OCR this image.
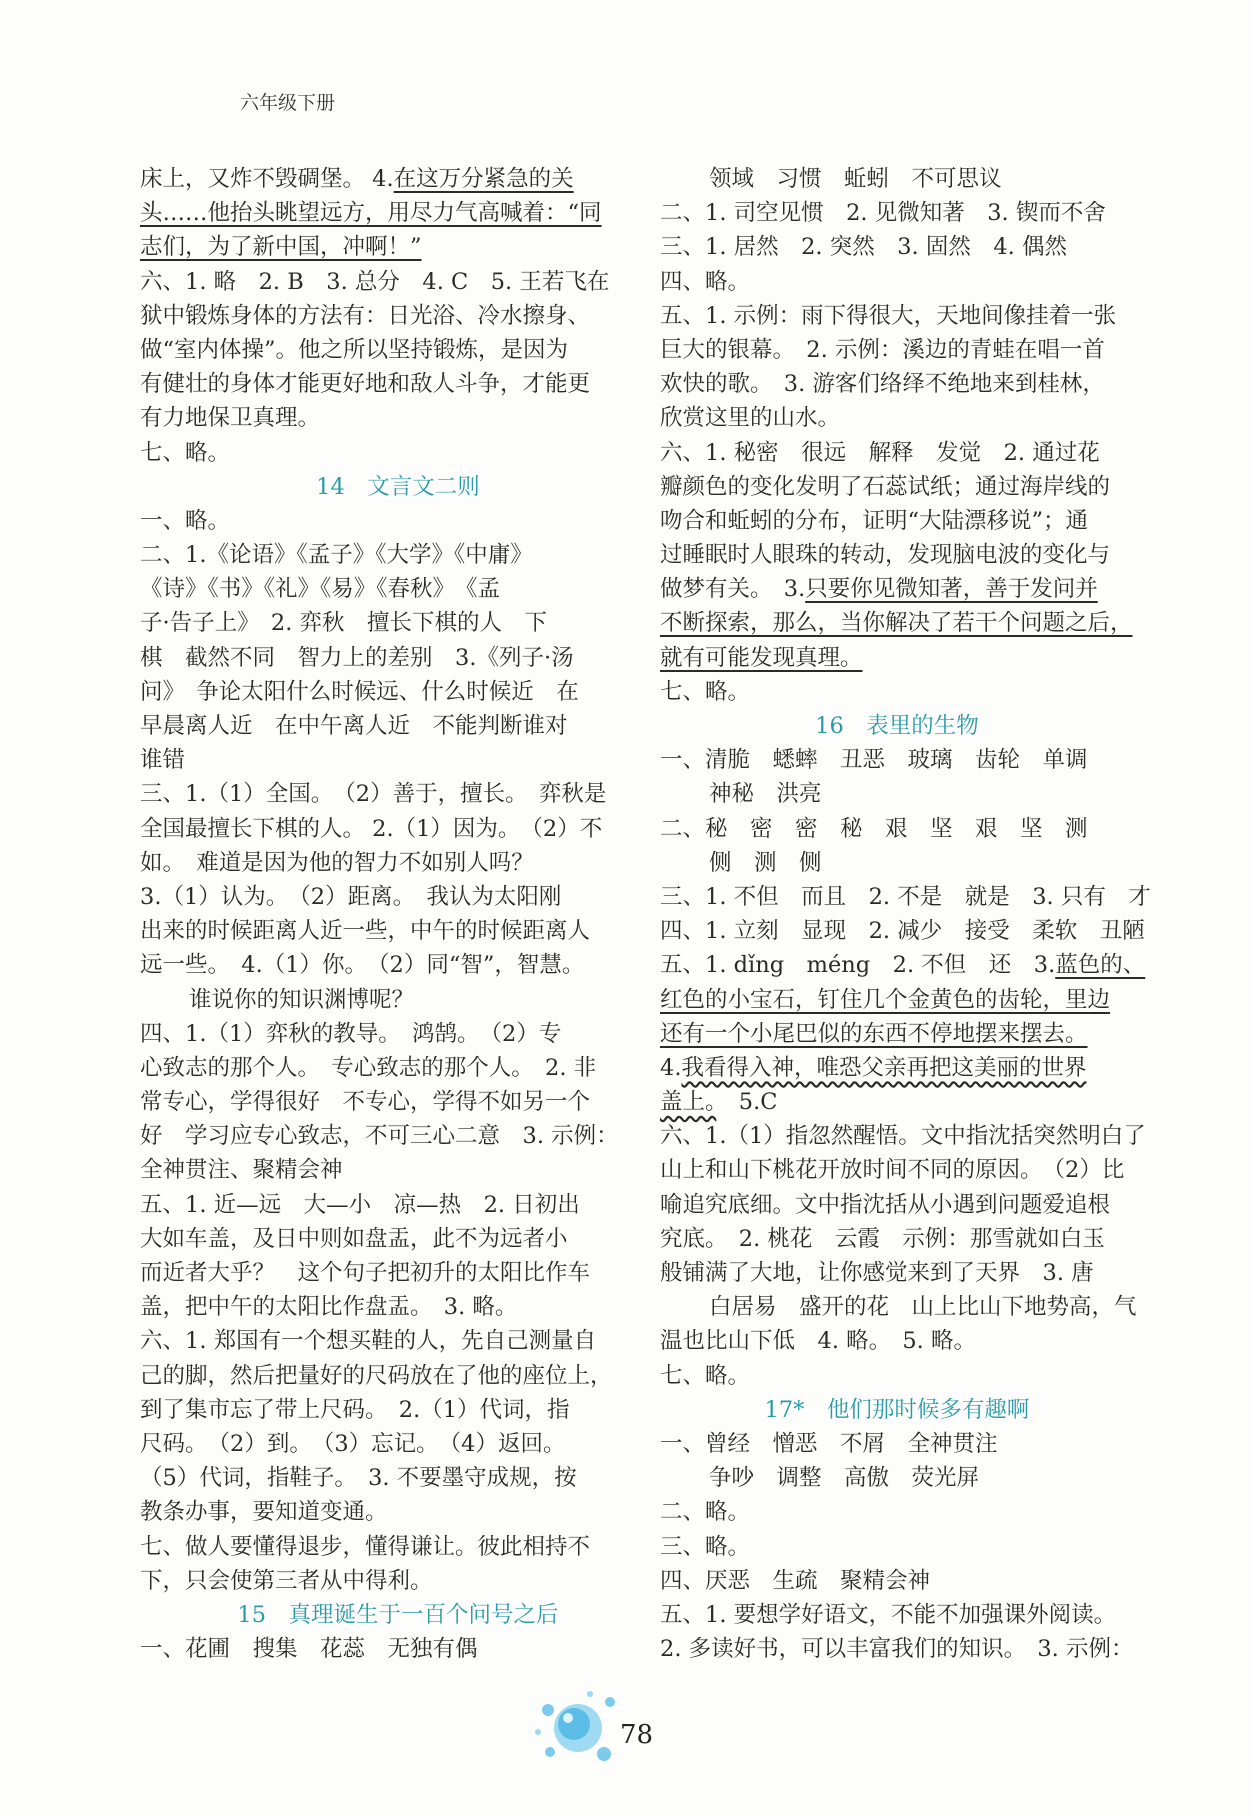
六年级下册
床上，又炸不毁碉堡。 4.在这万分紧急的关
头……他抬头眺望远方，用尽力气高喊着：“同
志们，为了新中国，冲啊！”
六、1. 略　2. B　3. 总分　4. C　5. 王若飞在
狱中锻炼身体的方法有：日光浴、冷水擦身、
做“室内体操”。他之所以坚持锻炼，是因为
有健壮的身体才能更好地和敌人斗争，才能更
有力地保卫真理。
七、略。
14　文言文二则
一、略。
二、1.《论语》《孟子》《大学》《中庸》
《诗》《书》《礼》《易》《春秋》　《孟
子·告子上》　2. 弈秋　擅长下棋的人　下
棋　截然不同　智力上的差别　3.《列子·汤
问》　争论太阳什么时候远、什么时候近　在
早晨离人近　在中午离人近　不能判断谁对
谁错
三、1.（1）全国。　（2）善于，擅长。　弈秋是
全国最擅长下棋的人。 2.（1）因为。　（2）不
如。　难道是因为他的智力不如别人吗？
3.（1）认为。　（2）距离。　我认为太阳刚
出来的时候距离人近一些，中午的时候距离人
远一些。　4.（1）你。　（2）同“智”，智慧。
谁说你的知识渊博呢？
四、1.（1）弈秋的教导。　鸿鹄。　（2）专
心致志的那个人。　专心致志的那个人。　2. 非
常专心，学得很好　不专心，学得不如另一个
好　学习应专心致志，不可三心二意　3. 示例：
全神贯注、聚精会神
五、1. 近—远　大—小　凉—热　2. 日初出
大如车盖，及日中则如盘盂，此不为远者小
而近者大乎？　这个句子把初升的太阳比作车
盖，把中午的太阳比作盘盂。　3. 略。
六、1. 郑国有一个想买鞋的人，先自己测量自
己的脚，然后把量好的尺码放在了他的座位上，
到了集市忘了带上尺码。　2.（1）代词，指
尺码。　（2）到。　（3）忘记。　（4）返回。
（5）代词，指鞋子。　3. 不要墨守成规，按
教条办事，要知道变通。
七、做人要懂得退步，懂得谦让。彼此相持不
下，只会使第三者从中得利。
15　真理诞生于一百个问号之后
一、花圃　搜集　花蕊　无独有偶
领域　习惯　蚯蚓　不可思议
二、1. 司空见惯　2. 见微知著　3. 锲而不舍
三、1. 居然　2. 突然　3. 固然　4. 偶然
四、略。
五、1. 示例：雨下得很大，天地间像挂着一张
巨大的银幕。　2. 示例：溪边的青蛙在唱一首
欢快的歌。　3. 游客们络绎不绝地来到桂林，
欣赏这里的山水。
六、1. 秘密　很远　解释　发觉　2. 通过花
瓣颜色的变化发明了石蕊试纸；通过海岸线的
吻合和蚯蚓的分布，证明“大陆漂移说”；通
过睡眠时人眼珠的转动，发现脑电波的变化与
做梦有关。　3.只要你见微知著，善于发问并
不断探索，那么，当你解决了若干个问题之后，
就有可能发现真理。
七、略。
16　表里的生物
一、清脆　蟋蟀　丑恶　玻璃　齿轮　单调
神秘　洪亮
二、秘　密　密　秘　艰　坚　艰　坚　测
侧　测　侧
三、1. 不但　而且　2. 不是　就是　3. 只有　才
四、1. 立刻　显现　2. 减少　接受　柔软　丑陋
五、1. dǐng　méng　2. 不但　还　3.蓝色的、
红色的小宝石，钉住几个金黄色的齿轮，里边
还有一个小尾巴似的东西不停地摆来摆去。
4.我看得入神，唯恐父亲再把这美丽的世界
盖上。　5.C
六、1.（1）指忽然醒悟。文中指沈括突然明白了
山上和山下桃花开放时间不同的原因。　（2）比
喻追究底细。文中指沈括从小遇到问题爱追根
究底。　2. 桃花　云霞　示例：那雪就如白玉
般铺满了大地，让你感觉来到了天界　3. 唐
白居易　盛开的花　山上比山下地势高，气
温也比山下低　4. 略。　5. 略。
七、略。
17*　他们那时候多有趣啊
一、曾经　憎恶　不屑　全神贯注
争吵　调整　高傲　荧光屏
二、略。
三、略。
四、厌恶　生疏　聚精会神
五、1. 要想学好语文，不能不加强课外阅读。
2. 多读好书，可以丰富我们的知识。　3. 示例：
78
